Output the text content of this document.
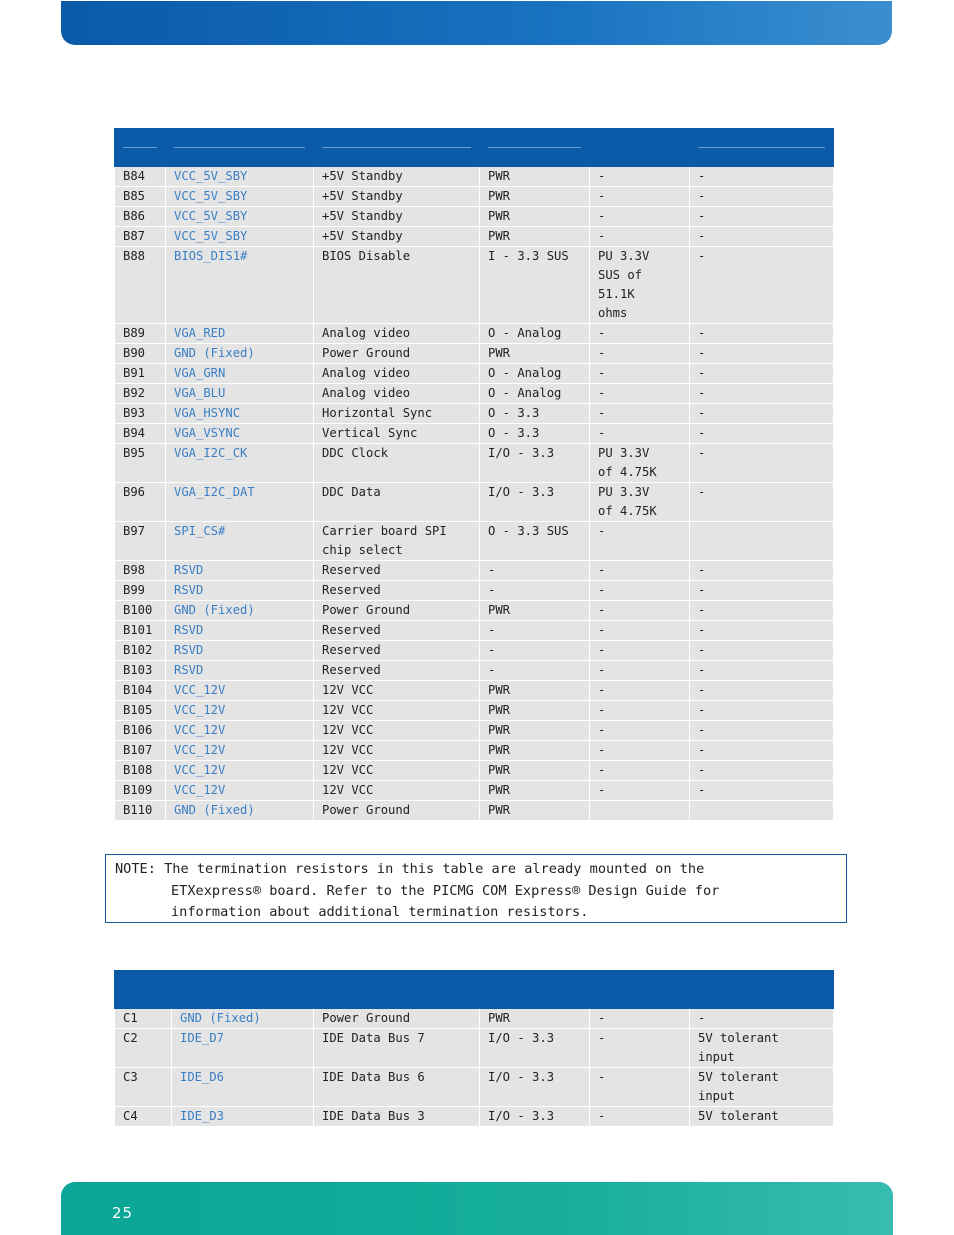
B84	VCC_5V_SBY	+5V Standby	PWR	-	-
B85	VCC_5V_SBY	+5V Standby	PWR	-	-
B86	VCC_5V_SBY	+5V Standby	PWR	-	-
B87	VCC_5V_SBY	+5V Standby	PWR	-	-
B88	BIOS_DIS1#	BIOS Disable	I - 3.3 SUS	PU 3.3V
SUS of
51.1K
ohms	-
B89	VGA_RED	Analog video	O - Analog	-	-
B90	GND (Fixed)	Power Ground	PWR	-	-
B91	VGA_GRN	Analog video	O - Analog	-	-
B92	VGA_BLU	Analog video	O - Analog	-	-
B93	VGA_HSYNC	Horizontal Sync	O - 3.3	-	-
B94	VGA_VSYNC	Vertical Sync	O - 3.3	-	-
B95	VGA_I2C_CK	DDC Clock	I/O - 3.3	PU 3.3V
of 4.75K	-
B96	VGA_I2C_DAT	DDC Data	I/O - 3.3	PU 3.3V
of 4.75K	-
B97	SPI_CS#	Carrier board SPI
chip select	O - 3.3 SUS	-	
B98	RSVD	Reserved	-	-	-
B99	RSVD	Reserved	-	-	-
B100	GND (Fixed)	Power Ground	PWR	-	-
B101	RSVD	Reserved	-	-	-
B102	RSVD	Reserved	-	-	-
B103	RSVD	Reserved	-	-	-
B104	VCC_12V	12V VCC	PWR	-	-
B105	VCC_12V	12V VCC	PWR	-	-
B106	VCC_12V	12V VCC	PWR	-	-
B107	VCC_12V	12V VCC	PWR	-	-
B108	VCC_12V	12V VCC	PWR	-	-
B109	VCC_12V	12V VCC	PWR	-	-
B110	GND (Fixed)	Power Ground	PWR		
NOTE: The termination resistors in this table are already mounted on the
ETXexpress® board. Refer to the PICMG COM Express® Design Guide for
information about additional termination resistors.

C1	GND (Fixed)	Power Ground	PWR	-	-
C2	IDE_D7	IDE Data Bus 7	I/O - 3.3	-	5V tolerant
input
C3	IDE_D6	IDE Data Bus 6	I/O - 3.3	-	5V tolerant
input
C4	IDE_D3	IDE Data Bus 3	I/O - 3.3	-	5V tolerant
25
